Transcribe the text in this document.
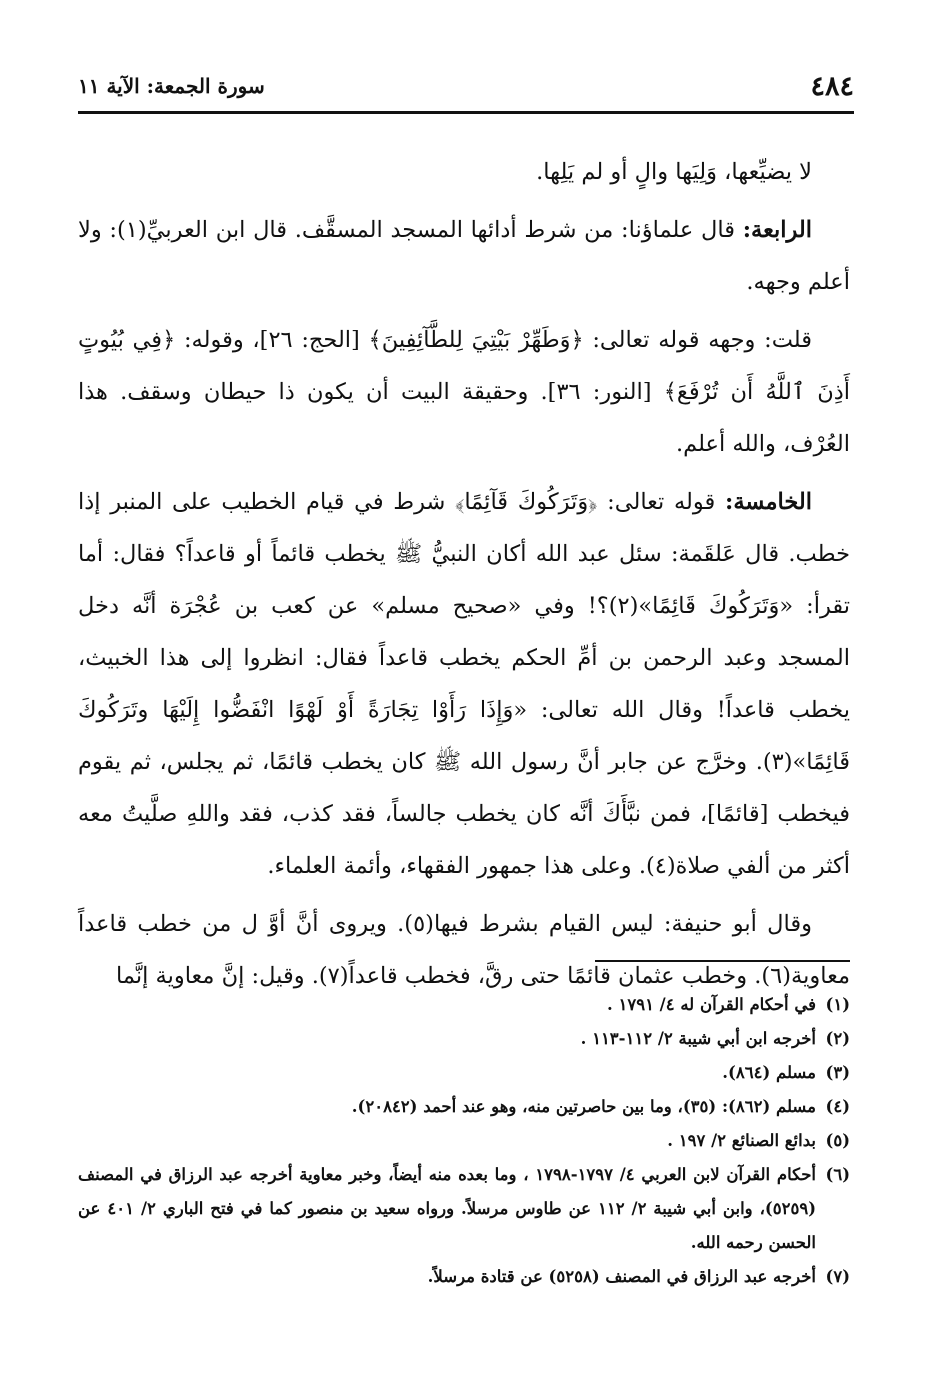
٤٨٤
سورة الجمعة: الآية ١١

لا يضيِّعها، وَلِيَها والٍ أو لم يَلِها.

الرابعة: قال علماؤنا: من شرط أدائها المسجد المسقَّف. قال ابن العربيِّ(١): ولا أعلم وجهه.

قلت: وجهه قوله تعالى: ﴿وَطَهِّرْ بَيْتِيَ لِلطَّآئِفِينَ﴾ [الحج: ٢٦]، وقوله: ﴿فِي بُيُوتٍ أَذِنَ ٱللَّهُ أَن تُرْفَعَ﴾ [النور: ٣٦]. وحقيقة البيت أن يكون ذا حيطان وسقف. هذا العُرْف، والله أعلم.

الخامسة: قوله تعالى: ﴿وَتَرَكُوكَ قَآئِمًا﴾ شرط في قيام الخطيب على المنبر إذا خطب. قال عَلقَمة: سئل عبد الله أكان النبيُّ ﷺ يخطب قائماً أو قاعداً؟ فقال: أما تقرأ: «وَتَرَكُوكَ قَائِمًا»(٢)؟! وفي «صحيح مسلم» عن كعب بن عُجْرَة أنَّه دخل المسجد وعبد الرحمن بن أمِّ الحكم يخطب قاعداً فقال: انظروا إلى هذا الخبيث، يخطب قاعداً! وقال الله تعالى: «وَإِذَا رَأَوْا تِجَارَةً أَوْ لَهْوًا انْفَضُّوا إِلَيْهَا وتَرَكُوكَ قَائِمًا»(٣). وخرَّج عن جابر أنَّ رسول الله ﷺ كان يخطب قائمًا، ثم يجلس، ثم يقوم فيخطب [قائمًا]، فمن نبَّأَكَ أنَّه كان يخطب جالساً، فقد كذب، فقد واللهِ صلَّيتُ معه أكثر من ألفي صلاة(٤). وعلى هذا جمهور الفقهاء، وأئمة العلماء.

وقال أبو حنيفة: ليس القيام بشرط فيها(٥). ويروى أنَّ أوَّ ل من خطب قاعداً معاوية(٦). وخطب عثمان قائمًا حتى رقَّ، فخطب قاعداً(٧). وقيل: إنَّ معاوية إنَّما

(١)
في أحكام القرآن له ٤/ ١٧٩١ .
(٢)
أخرجه ابن أبي شيبة ٢/ ١١٢-١١٣ .
(٣)
مسلم (٨٦٤).
(٤)
مسلم (٨٦٢): (٣٥)، وما بين حاصرتين منه، وهو عند أحمد (٢٠٨٤٢).
(٥)
بدائع الصنائع ٢/ ١٩٧ .
(٦)
أحكام القرآن لابن العربي ٤/ ١٧٩٧-١٧٩٨ ، وما بعده منه أيضاً، وخبر معاوية أخرجه عبد الرزاق في المصنف (٥٢٥٩)، وابن أبي شيبة ٢/ ١١٢ عن طاوس مرسلاً. ورواه سعيد بن منصور كما في فتح الباري ٢/ ٤٠١ عن الحسن رحمه الله.
(٧)
أخرجه عبد الرزاق في المصنف (٥٢٥٨) عن قتادة مرسلاً.
